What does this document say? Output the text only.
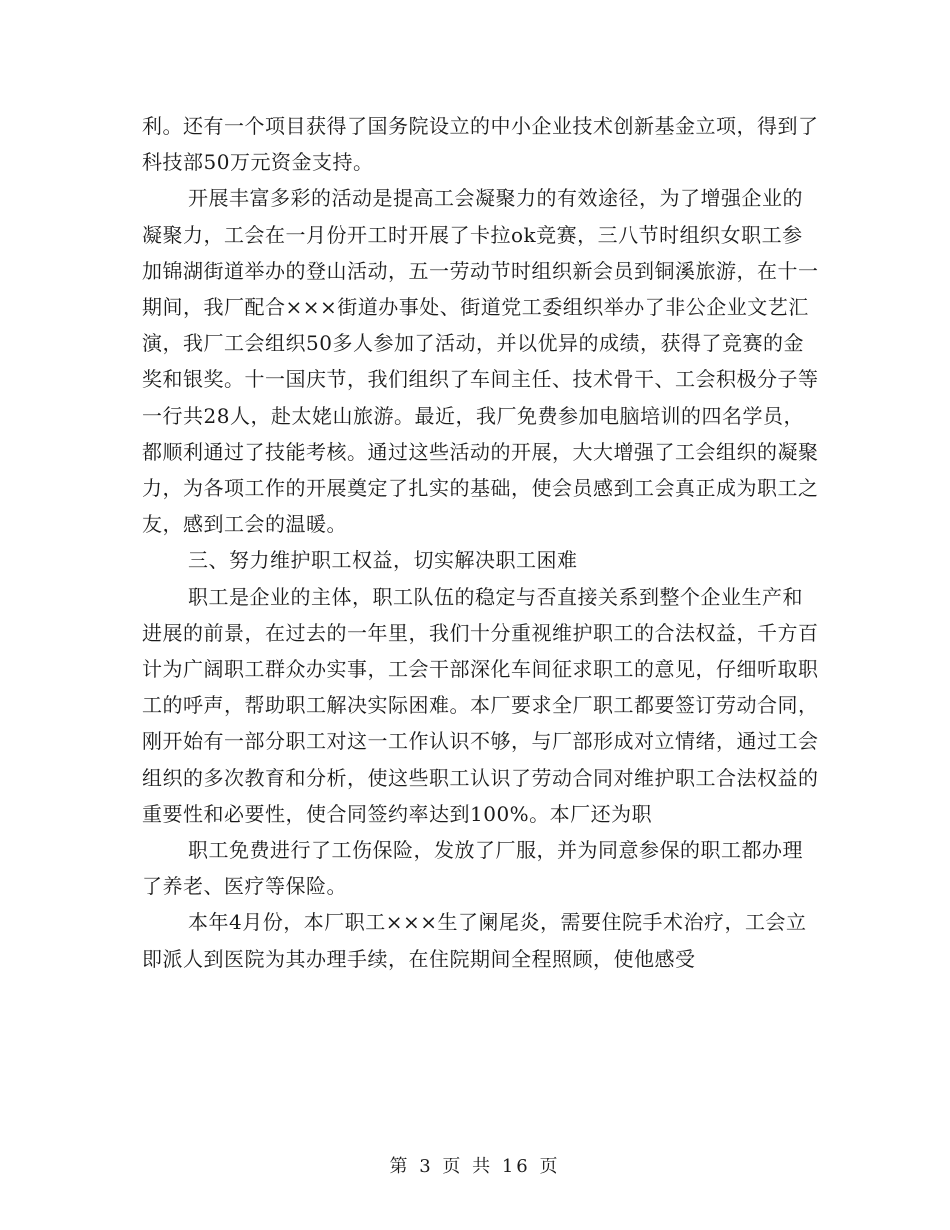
利。还有一个项目获得了国务院设立的中小企业技术创新基金立项，得到了科技部50万元资金支持。

开展丰富多彩的活动是提高工会凝聚力的有效途径，为了增强企业的凝聚力，工会在一月份开工时开展了卡拉ok竞赛，三八节时组织女职工参加锦湖街道举办的登山活动，五一劳动节时组织新会员到铜溪旅游，在十一期间，我厂配合×××街道办事处、街道党工委组织举办了非公企业文艺汇演，我厂工会组织50多人参加了活动，并以优异的成绩，获得了竞赛的金奖和银奖。十一国庆节，我们组织了车间主任、技术骨干、工会积极分子等一行共28人，赴太姥山旅游。最近，我厂免费参加电脑培训的四名学员，都顺利通过了技能考核。通过这些活动的开展，大大增强了工会组织的凝聚力，为各项工作的开展奠定了扎实的基础，使会员感到工会真正成为职工之友，感到工会的温暖。

三、努力维护职工权益，切实解决职工困难

职工是企业的主体，职工队伍的稳定与否直接关系到整个企业生产和进展的前景，在过去的一年里，我们十分重视维护职工的合法权益，千方百计为广阔职工群众办实事，工会干部深化车间征求职工的意见，仔细听取职工的呼声，帮助职工解决实际困难。本厂要求全厂职工都要签订劳动合同，刚开始有一部分职工对这一工作认识不够，与厂部形成对立情绪，通过工会组织的多次教育和分析，使这些职工认识了劳动合同对维护职工合法权益的重要性和必要性，使合同签约率达到100%。本厂还为职

职工免费进行了工伤保险，发放了厂服，并为同意参保的职工都办理了养老、医疗等保险。

本年4月份，本厂职工×××生了阑尾炎，需要住院手术治疗，工会立即派人到医院为其办理手续，在住院期间全程照顾，使他感受

第 3 页 共 16 页
